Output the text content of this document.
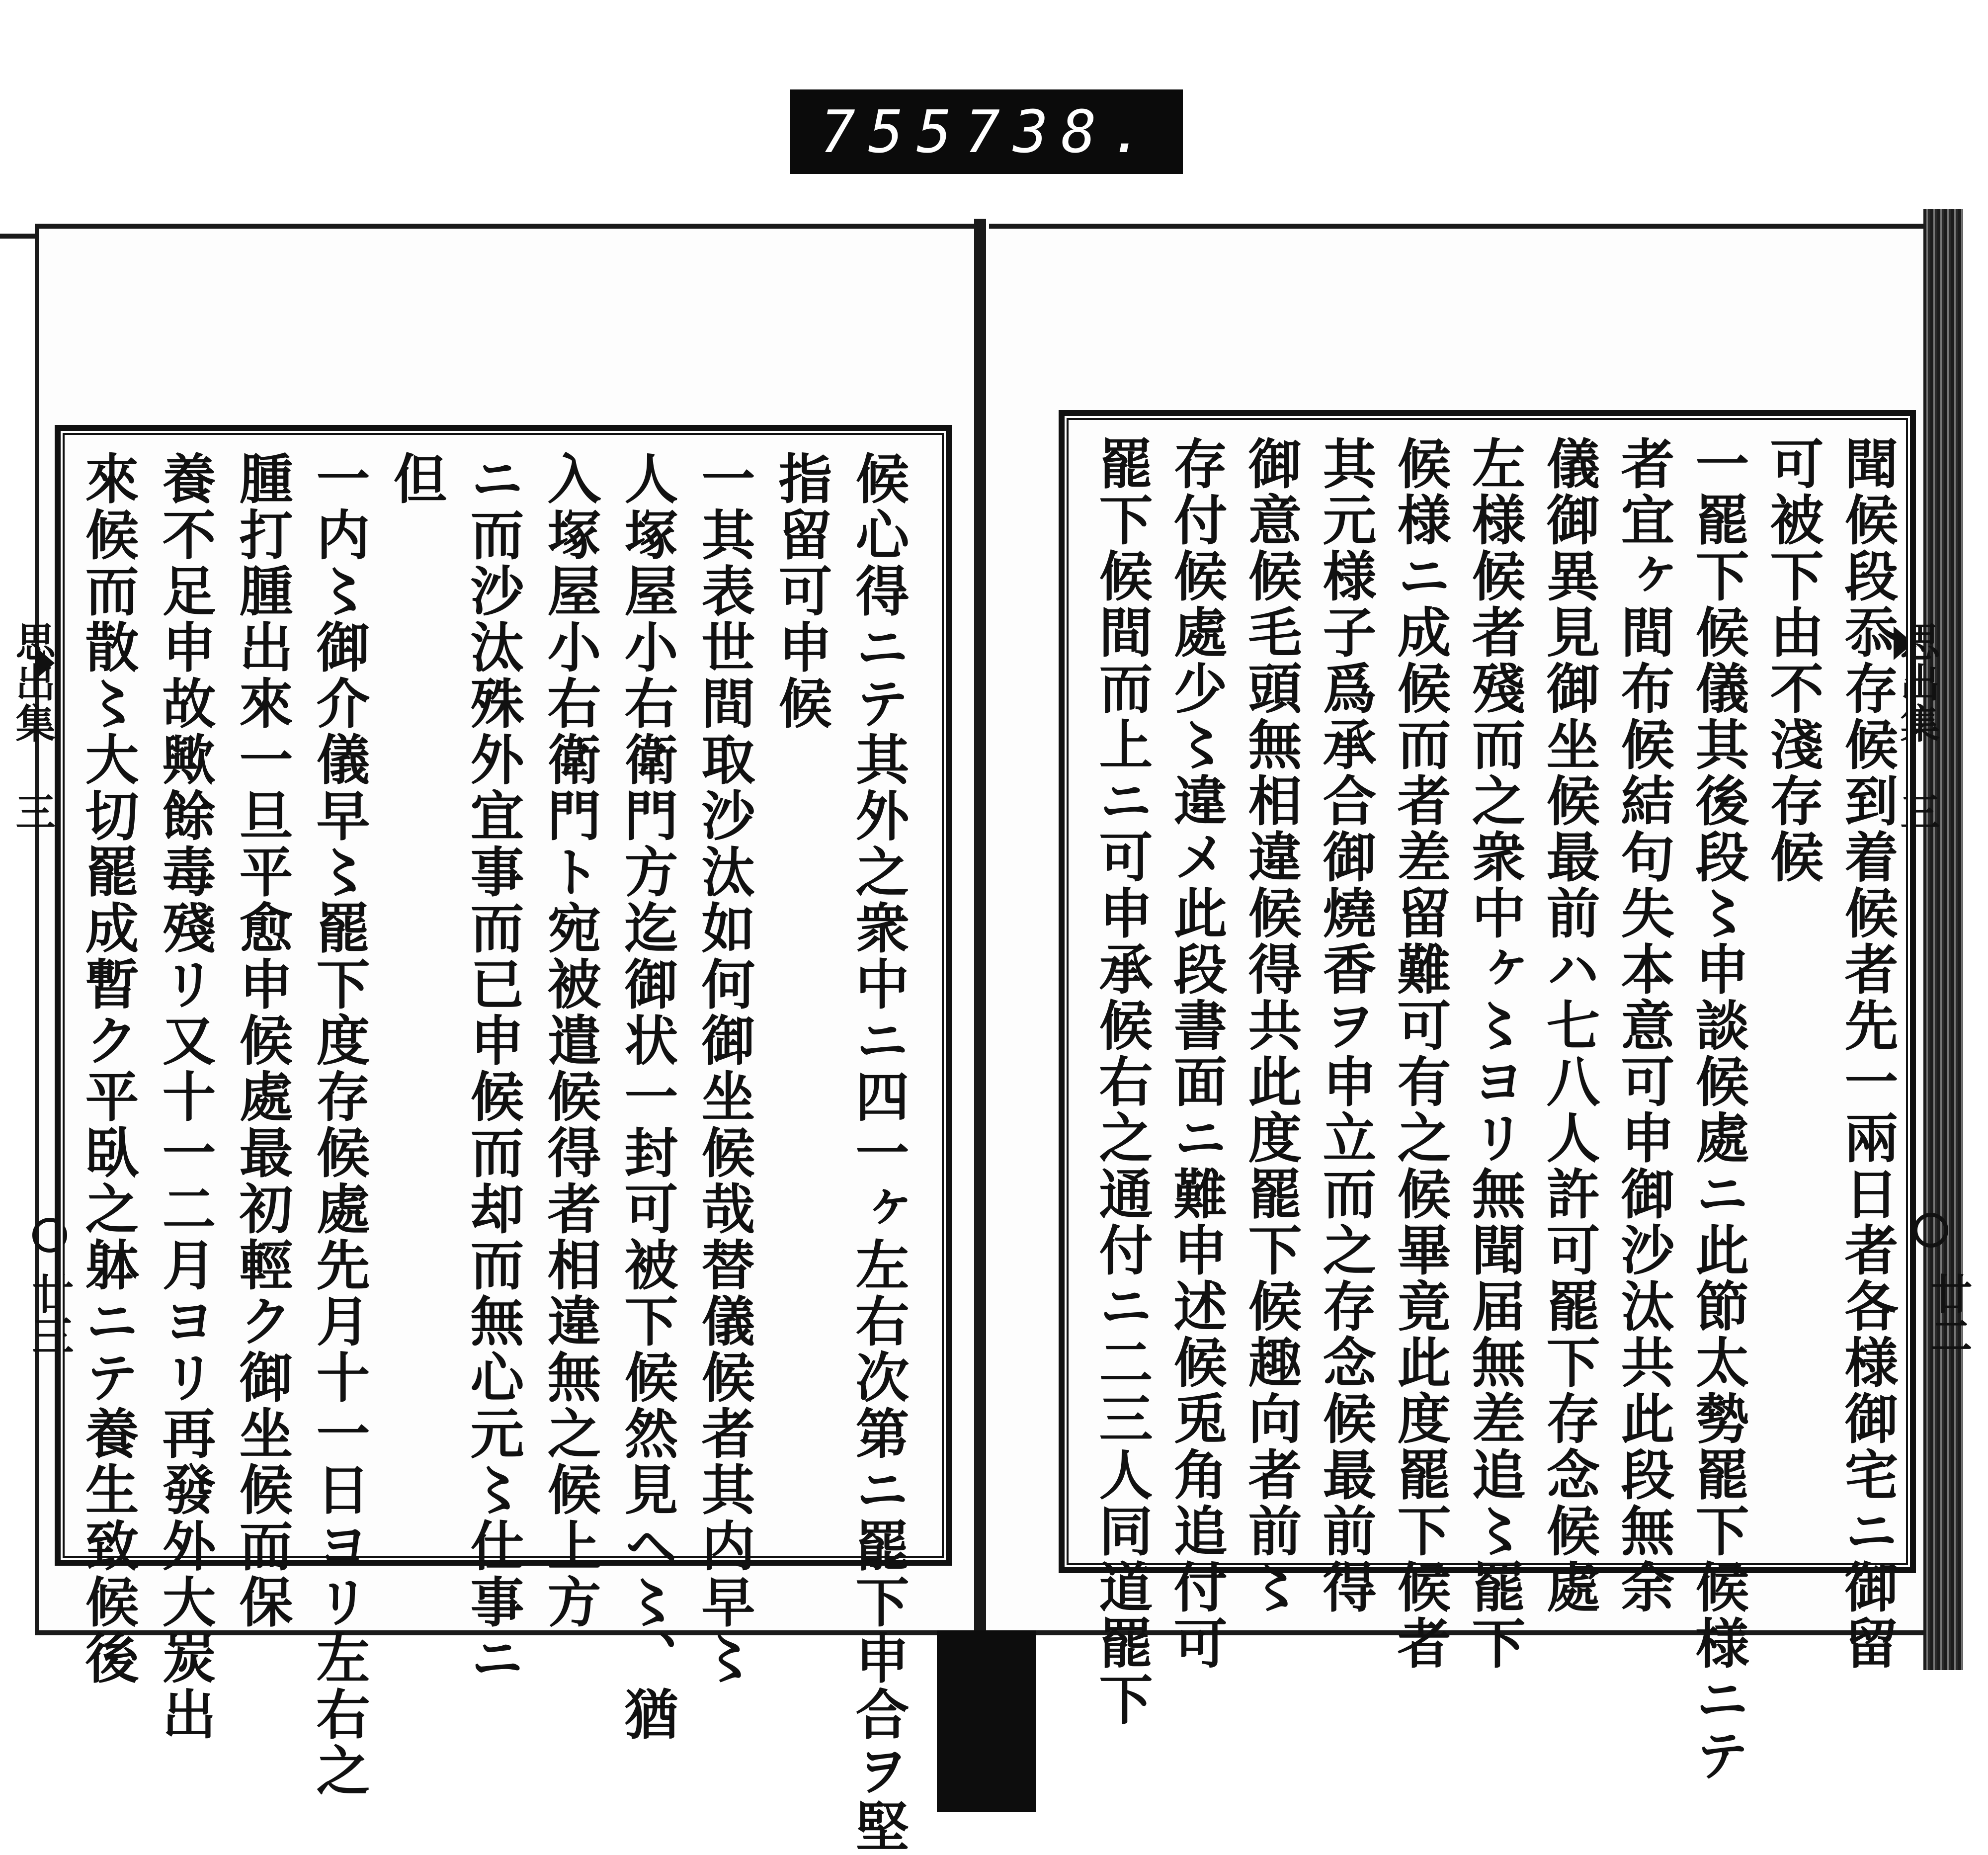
755 738.
思出集 三	思出集 三
廿三	廿二
來候而散〻大切罷成暫ク平臥之躰ニテ養生致候後 養不足申故歟餘毒殘リ又十一二月ヨリ再發外大炭出 腫打腫出來一旦平愈申候處最初輕ク御坐候而保 一内〻御介儀早〻罷下度存候處先月十一日ヨリ左右之 但 ニ而沙汰殊外宜事而已申候而却而無心元〻仕事ニ 入塚屋小右衛門ト宛被遣候得者相違無之候上方 人塚屋小右衛門方迄御状一封可被下候然見ヘ〻、猶 一其表世間取沙汰如何御坐候哉替儀候者其内早〻 指留可申候 候心得ニテ其外之衆中ニ四一ヶ左右次第ニ罷下申合ヲ堅	聞候段忝存候到着候者先一兩日者各様御宅ニ御留
可被下由不淺存候
一罷下候儀其後段〻申談候處ニ此節太勢罷下候様ニテ
者宜ヶ間布候結句失本意可申御沙汰共此段無余
儀御異見御坐候最前ハ七八人許可罷下存念候處
左様候者殘而之衆中ヶ〻ヨリ無聞届無差追〻罷下
候様ニ成候而者差留難可有之候畢竟此度罷下候者
其元様子爲承合御燒香ヲ申立而之存念候最前得
御意候毛頭無相違候得共此度罷下候趣向者前〻
存付候處少〻違メ此段書面ニ難申述候兎角追付可
罷下候間而上ニ可申承候右之通付ニ二三人同道罷下
